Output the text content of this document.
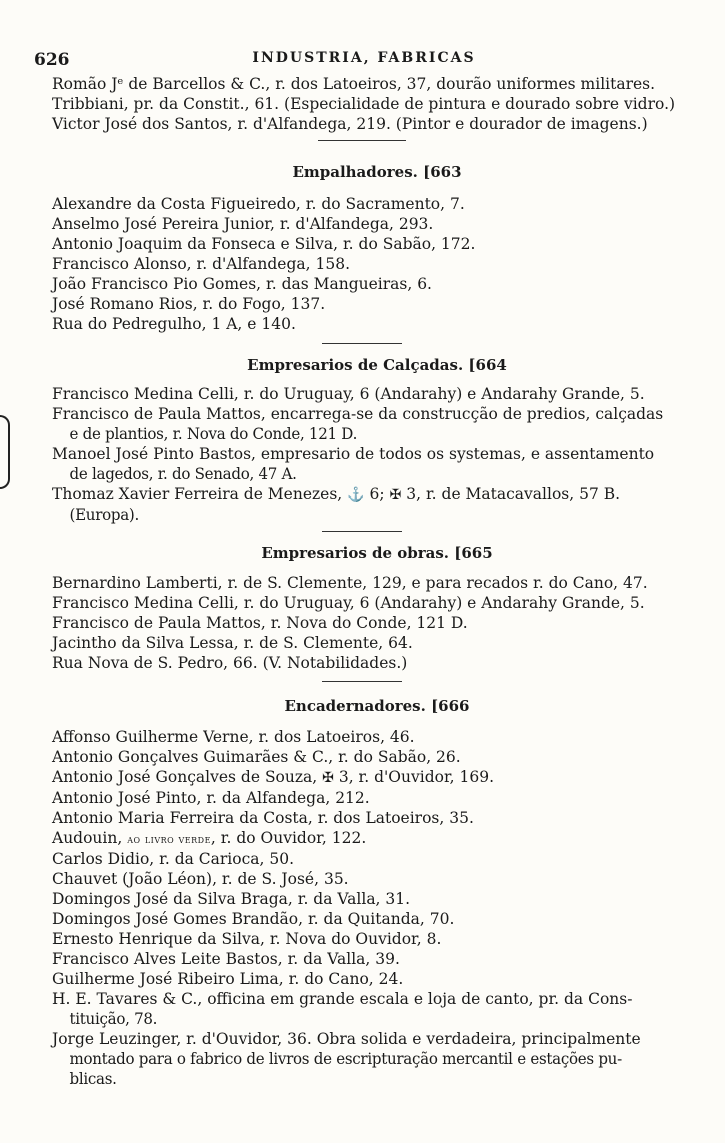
626	INDUSTRIA, FABRICAS
Romão Jᵉ de Barcellos & C., r. dos Latoeiros, 37, dourão uniformes militares.
Tribbiani, pr. da Constit., 61. (Especialidade de pintura e dourado sobre vidro.)
Victor José dos Santos, r. d'Alfandega, 219. (Pintor e dourador de imagens.)
Empalhadores. [663
Alexandre da Costa Figueiredo, r. do Sacramento, 7.
Anselmo José Pereira Junior, r. d'Alfandega, 293.
Antonio Joaquim da Fonseca e Silva, r. do Sabão, 172.
Francisco Alonso, r. d'Alfandega, 158.
João Francisco Pio Gomes, r. das Mangueiras, 6.
José Romano Rios, r. do Fogo, 137.
Rua do Pedregulho, 1 A, e 140.
Empresarios de Calçadas. [664
Francisco Medina Celli, r. do Uruguay, 6 (Andarahy) e Andarahy Grande, 5.
Francisco de Paula Mattos, encarrega-se da construcção de predios, calçadas
e de plantios, r. Nova do Conde, 121 D.
Manoel José Pinto Bastos, empresario de todos os systemas, e assentamento
de lagedos, r. do Senado, 47 A.
Thomaz Xavier Ferreira de Menezes, ⚓ 6; ✠ 3, r. de Matacavallos, 57 B.
(Europa).
Empresarios de obras. [665
Bernardino Lamberti, r. de S. Clemente, 129, e para recados r. do Cano, 47.
Francisco Medina Celli, r. do Uruguay, 6 (Andarahy) e Andarahy Grande, 5.
Francisco de Paula Mattos, r. Nova do Conde, 121 D.
Jacintho da Silva Lessa, r. de S. Clemente, 64.
Rua Nova de S. Pedro, 66. (V. Notabilidades.)
Encadernadores. [666
Affonso Guilherme Verne, r. dos Latoeiros, 46.
Antonio Gonçalves Guimarães & C., r. do Sabão, 26.
Antonio José Gonçalves de Souza, ✠ 3, r. d'Ouvidor, 169.
Antonio José Pinto, r. da Alfandega, 212.
Antonio Maria Ferreira da Costa, r. dos Latoeiros, 35.
Audouin, ao livro verde, r. do Ouvidor, 122.
Carlos Didio, r. da Carioca, 50.
Chauvet (João Léon), r. de S. José, 35.
Domingos José da Silva Braga, r. da Valla, 31.
Domingos José Gomes Brandão, r. da Quitanda, 70.
Ernesto Henrique da Silva, r. Nova do Ouvidor, 8.
Francisco Alves Leite Bastos, r. da Valla, 39.
Guilherme José Ribeiro Lima, r. do Cano, 24.
H. E. Tavares & C., officina em grande escala e loja de canto, pr. da Cons-
tituição, 78.
Jorge Leuzinger, r. d'Ouvidor, 36. Obra solida e verdadeira, principalmente
montado para o fabrico de livros de escripturação mercantil e estações pu-
blicas.
